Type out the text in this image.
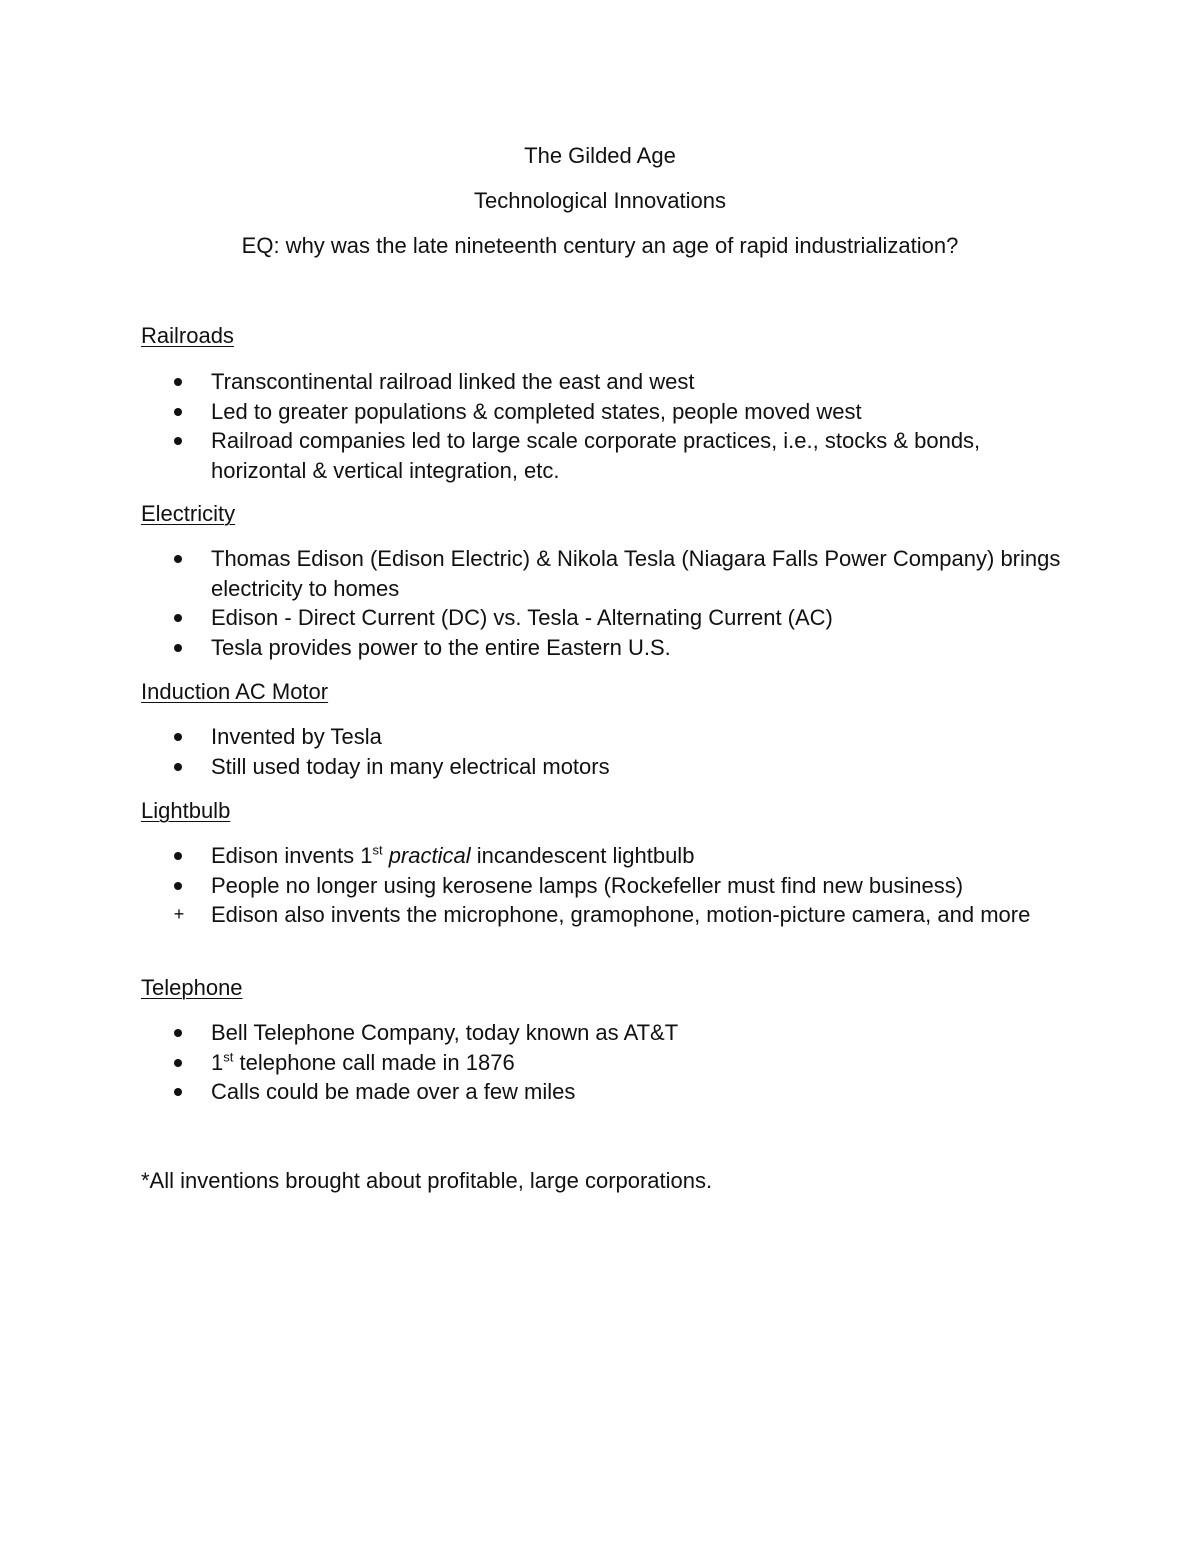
The Gilded Age
Technological Innovations
EQ: why was the late nineteenth century an age of rapid industrialization?
Railroads
Transcontinental railroad linked the east and west
Led to greater populations & completed states, people moved west
Railroad companies led to large scale corporate practices, i.e., stocks & bonds, horizontal & vertical integration, etc.
Electricity
Thomas Edison (Edison Electric) & Nikola Tesla (Niagara Falls Power Company) brings electricity to homes
Edison - Direct Current (DC) vs. Tesla - Alternating Current (AC)
Tesla provides power to the entire Eastern U.S.
Induction AC Motor
Invented by Tesla
Still used today in many electrical motors
Lightbulb
Edison invents 1st practical incandescent lightbulb
People no longer using kerosene lamps (Rockefeller must find new business)
+ Edison also invents the microphone, gramophone, motion-picture camera, and more
Telephone
Bell Telephone Company, today known as AT&T
1st telephone call made in 1876
Calls could be made over a few miles
*All inventions brought about profitable, large corporations.
